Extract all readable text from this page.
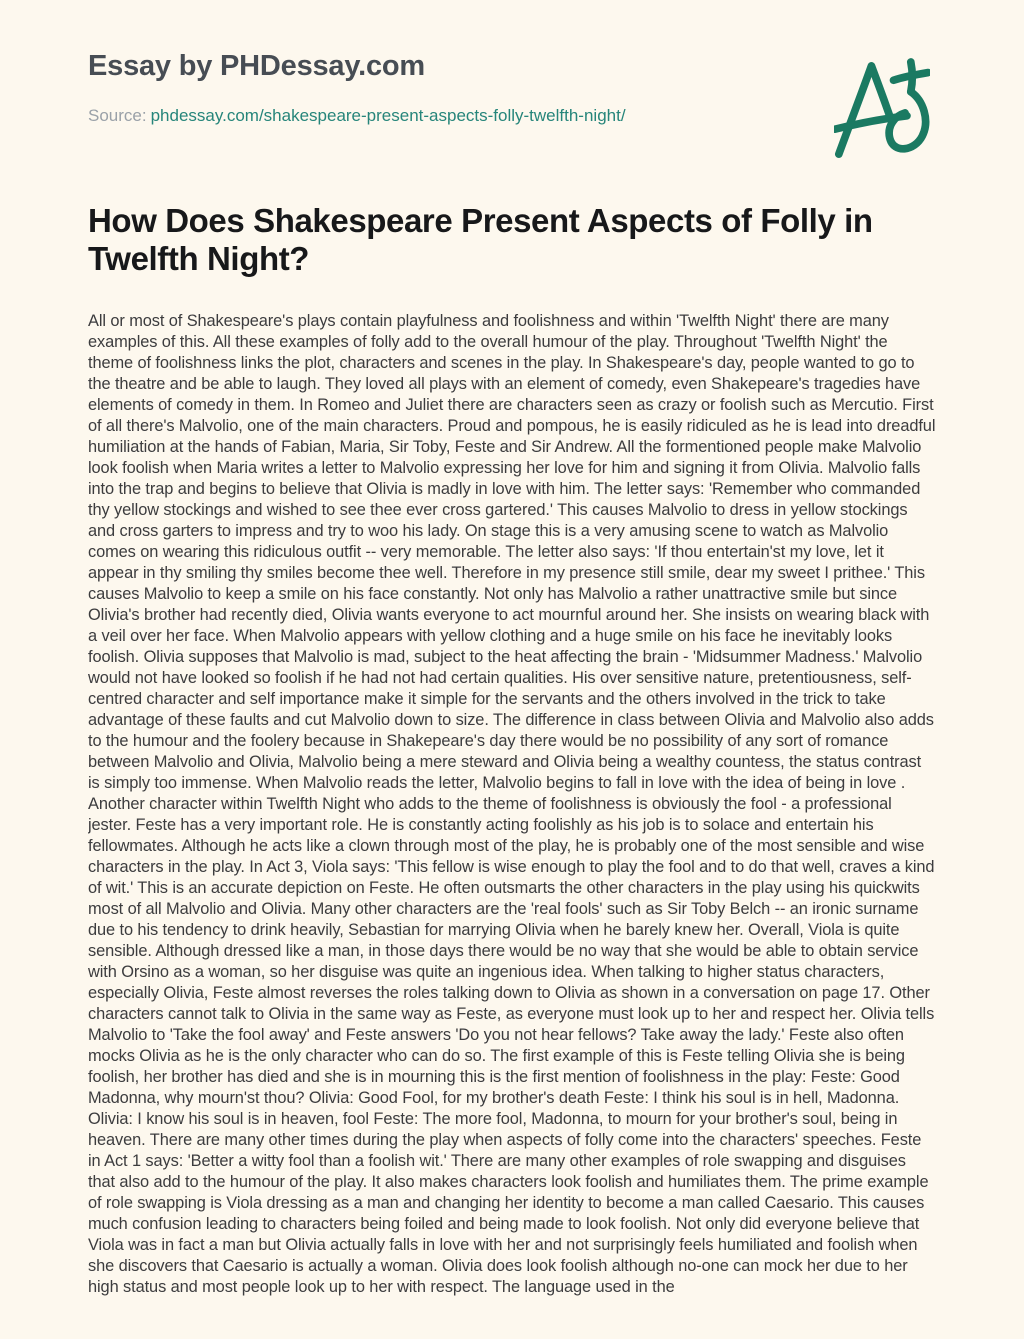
Essay by PHDessay.com

Source: phdessay.com/shakespeare-present-aspects-folly-twelfth-night/

How Does Shakespeare Present Aspects of Folly in Twelfth Night?
All or most of Shakespeare's plays contain playfulness and foolishness and within 'Twelfth Night' there are many examples of this. All these examples of folly add to the overall humour of the play. Throughout 'Twelfth Night' the theme of foolishness links the plot, characters and scenes in the play. In Shakespeare's day, people wanted to go to the theatre and be able to laugh. They loved all plays with an element of comedy, even Shakepeare's tragedies have elements of comedy in them. In Romeo and Juliet there are characters seen as crazy or foolish such as Mercutio. First of all there's Malvolio, one of the main characters. Proud and pompous, he is easily ridiculed as he is lead into dreadful humiliation at the hands of Fabian, Maria, Sir Toby, Feste and Sir Andrew. All the formentioned people make Malvolio look foolish when Maria writes a letter to Malvolio expressing her love for him and signing it from Olivia. Malvolio falls into the trap and begins to believe that Olivia is madly in love with him. The letter says: 'Remember who commanded thy yellow stockings and wished to see thee ever cross gartered.' This causes Malvolio to dress in yellow stockings and cross garters to impress and try to woo his lady. On stage this is a very amusing scene to watch as Malvolio comes on wearing this ridiculous outfit -- very memorable. The letter also says: 'If thou entertain'st my love, let it appear in thy smiling thy smiles become thee well. Therefore in my presence still smile, dear my sweet I prithee.' This causes Malvolio to keep a smile on his face constantly. Not only has Malvolio a rather unattractive smile but since Olivia's brother had recently died, Olivia wants everyone to act mournful around her. She insists on wearing black with a veil over her face. When Malvolio appears with yellow clothing and a huge smile on his face he inevitably looks foolish. Olivia supposes that Malvolio is mad, subject to the heat affecting the brain - 'Midsummer Madness.' Malvolio would not have looked so foolish if he had not had certain qualities. His over sensitive nature, pretentiousness, self-centred character and self importance make it simple for the servants and the others involved in the trick to take advantage of these faults and cut Malvolio down to size. The difference in class between Olivia and Malvolio also adds to the humour and the foolery because in Shakepeare's day there would be no possibility of any sort of romance between Malvolio and Olivia, Malvolio being a mere steward and Olivia being a wealthy countess, the status contrast is simply too immense. When Malvolio reads the letter, Malvolio begins to fall in love with the idea of being in love . Another character within Twelfth Night who adds to the theme of foolishness is obviously the fool - a professional jester. Feste has a very important role. He is constantly acting foolishly as his job is to solace and entertain his fellowmates. Although he acts like a clown through most of the play, he is probably one of the most sensible and wise characters in the play. In Act 3, Viola says: 'This fellow is wise enough to play the fool and to do that well, craves a kind of wit.' This is an accurate depiction on Feste. He often outsmarts the other characters in the play using his quickwits most of all Malvolio and Olivia. Many other characters are the 'real fools' such as Sir Toby Belch -- an ironic surname due to his tendency to drink heavily, Sebastian for marrying Olivia when he barely knew her. Overall, Viola is quite sensible. Although dressed like a man, in those days there would be no way that she would be able to obtain service with Orsino as a woman, so her disguise was quite an ingenious idea. When talking to higher status characters, especially Olivia, Feste almost reverses the roles talking down to Olivia as shown in a conversation on page 17. Other characters cannot talk to Olivia in the same way as Feste, as everyone must look up to her and respect her. Olivia tells Malvolio to 'Take the fool away' and Feste answers 'Do you not hear fellows? Take away the lady.' Feste also often mocks Olivia as he is the only character who can do so. The first example of this is Feste telling Olivia she is being foolish, her brother has died and she is in mourning this is the first mention of foolishness in the play: Feste: Good Madonna, why mourn'st thou? Olivia: Good Fool, for my brother's death Feste: I think his soul is in hell, Madonna. Olivia: I know his soul is in heaven, fool Feste: The more fool, Madonna, to mourn for your brother's soul, being in heaven. There are many other times during the play when aspects of folly come into the characters' speeches. Feste in Act 1 says: 'Better a witty fool than a foolish wit.' There are many other examples of role swapping and disguises that also add to the humour of the play. It also makes characters look foolish and humiliates them. The prime example of role swapping is Viola dressing as a man and changing her identity to become a man called Caesario. This causes much confusion leading to characters being foiled and being made to look foolish. Not only did everyone believe that Viola was in fact a man but Olivia actually falls in love with her and not surprisingly feels humiliated and foolish when she discovers that Caesario is actually a woman. Olivia does look foolish although no-one can mock her due to her high status and most people look up to her with respect. The language used in the
